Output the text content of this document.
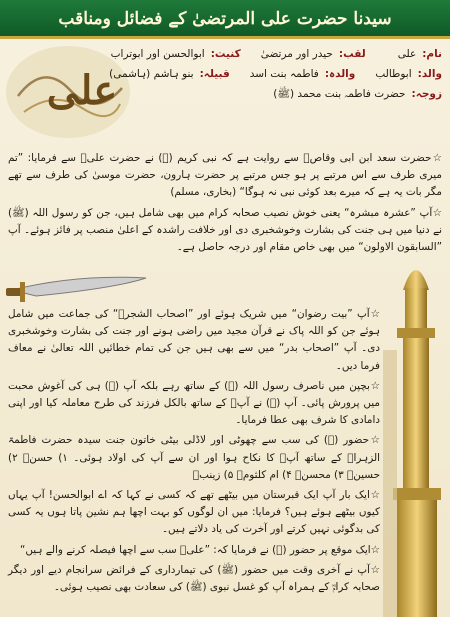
سیدنا حضرت علی المرتضیٰ کے فضائل ومناقب
علی
نام:
علی
لقب:
حیدر اور مرتضیٰ
کنیت:
ابوالحسن اور ابوتراب
والد:
ابوطالب
والدہ:
فاطمہ بنت اسد
قبیلہ:
بنو ہاشم (ہاشمی)
زوجہ:
حضرت فاطمہ بنت محمد (ﷺ)

☆حضرت سعد ابن ابی وقاصؓ سے روایت ہے کہ نبی کریم (ﷺ) نے حضرت علیؓ سے فرمایا: ”تم میری طرف سے اس مرتبے پر ہو جس مرتبے پر حضرت ہارون، حضرت موسیٰ کی طرف سے تھے مگر بات یہ ہے کہ میرے بعد کوئی نبی نہ ہوگا“ (بخاری، مسلم)

☆آپ ”عشرہ مبشرہ“ یعنی خوش نصیب صحابہ کرام میں بھی شامل ہیں، جن کو رسول اللہ (ﷺ) نے دنیا میں ہی جنت کی بشارت وخوشخبری دی اور خلافت راشدہ کے اعلیٰ منصب پر فائز ہوئے۔ آپ ”السابقون الاولون“ میں بھی خاص مقام اور درجہ حاصل ہے۔

☆آپ ”بیت رضوان“ میں شریک ہوئے اور ”اصحاب الشجرؓ“ کی جماعت میں شامل ہوئے جن کو اللہ پاک نے قرآن مجید میں راضی ہونے اور جنت کی بشارت وخوشخبری دی۔ آپ ”اصحاب بدر“ میں سے بھی ہیں جن کی تمام خطائیں اللہ تعالیٰ نے معاف فرما دیں۔

☆بچپن میں ناصرف رسول اللہ (ﷺ) کے ساتھ رہے بلکہ آپ (ﷺ) ہی کی آغوش محبت میں پرورش پائی۔ آپ (ﷺ) نے آپؓ کے ساتھ بالکل فرزند کی طرح معاملہ کیا اور اپنی دامادی کا شرف بھی عطا فرمایا۔

☆حضور (ﷺ) کی سب سے چھوٹی اور لاڈلی بیٹی خاتون جنت سیدہ حضرت فاطمۃ الزہراؓ کے ساتھ آپؓ کا نکاح ہوا اور ان سے آپ کی اولاد ہوئی۔ ۱) حسنؓ ۲) حسینؓ ۳) محسنؓ ۴) ام کلثومؓ ۵) زینبؓ

☆ایک بار آپ ایک قبرستان میں بیٹھے تھے کہ کسی نے کہا کہ اے ابوالحسن! آپ یہاں کیوں بیٹھے ہوئے ہیں؟ فرمایا: میں ان لوگوں کو بہت اچھا ہم نشین پاتا ہوں یہ کسی کی بدگوئی نہیں کرتے اور آخرت کی یاد دلاتے ہیں۔

☆ایک موقع پر حضور (ﷺ) نے فرمایا کہ: ”علیؓ سب سے اچھا فیصلہ کرنے والے ہیں“

☆آپ نے آخری وقت میں حضور (ﷺ) کی تیمارداری کے فرائض سرانجام دیے اور دیگر صحابہ کرامؓ کے ہمراہ آپ کو غسل نبوی (ﷺ) کی سعادت بھی نصیب ہوئی۔
